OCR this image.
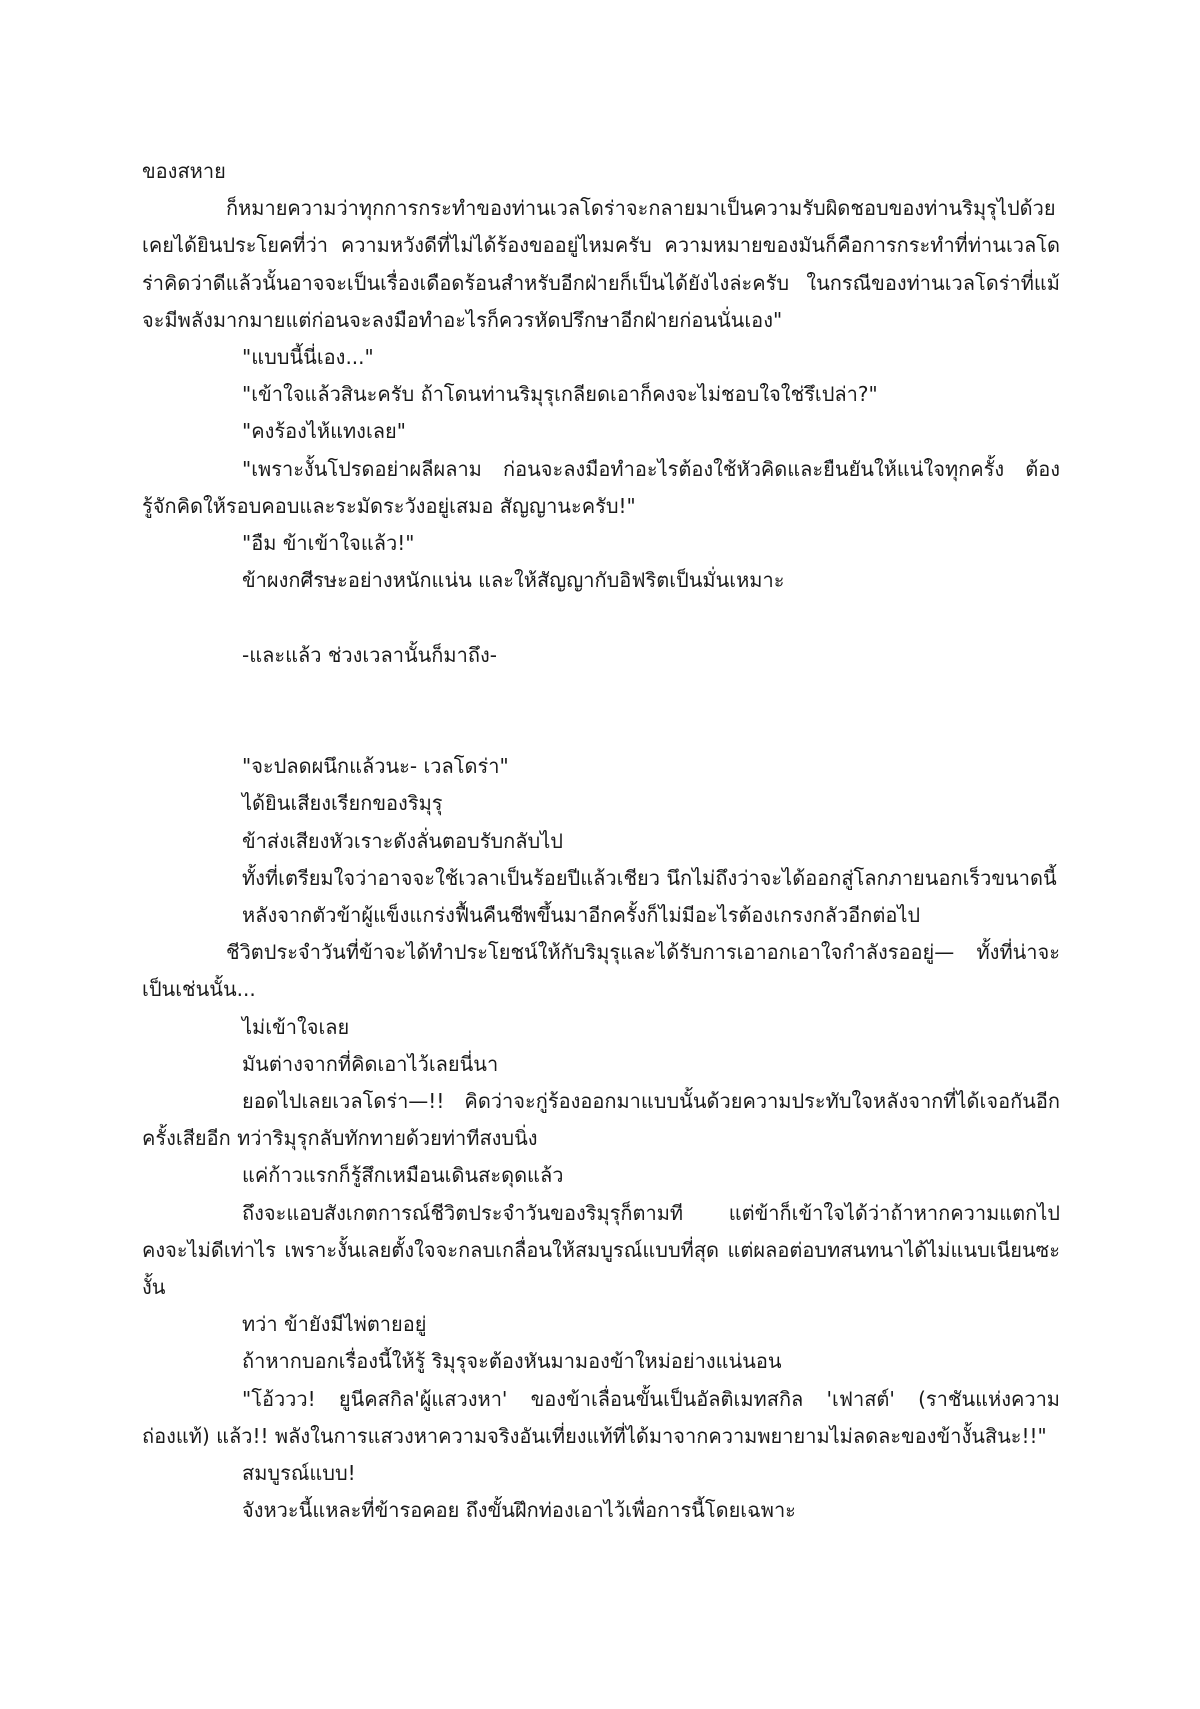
ของสหาย

ก็หมายความว่าทุกการกระทำของท่านเวลโดร่าจะกลายมาเป็นความรับผิดชอบของท่านริมุรุไปด้วย เคยได้ยินประโยคที่ว่า ความหวังดีที่ไม่ได้ร้องขออยู่ไหมครับ ความหมายของมันก็คือการกระทำที่ท่านเวลโดร่าคิดว่าดีแล้วนั้นอาจจะเป็นเรื่องเดือดร้อนสำหรับอีกฝ่ายก็เป็นได้ยังไงล่ะครับ  ในกรณีของท่านเวลโดร่าที่แม้จะมีพลังมากมายแต่ก่อนจะลงมือทำอะไรก็ควรหัดปรึกษาอีกฝ่ายก่อนนั่นเอง"

"แบบนี้นี่เอง..."

"เข้าใจแล้วสินะครับ ถ้าโดนท่านริมุรุเกลียดเอาก็คงจะไม่ชอบใจใช่รึเปล่า?"

"คงร้องไห้แทงเลย"

"เพราะงั้นโปรดอย่าผลีผลาม ก่อนจะลงมือทำอะไรต้องใช้หัวคิดและยืนยันให้แน่ใจทุกครั้ง ต้องรู้จักคิดให้รอบคอบและระมัดระวังอยู่เสมอ สัญญานะครับ!"

"อืม ข้าเข้าใจแล้ว!"

ข้าผงกศีรษะอย่างหนักแน่น และให้สัญญากับอิฟริตเป็นมั่นเหมาะ

-และแล้ว ช่วงเวลานั้นก็มาถึง-

"จะปลดผนึกแล้วนะ- เวลโดร่า"

ได้ยินเสียงเรียกของริมุรุ

ข้าส่งเสียงหัวเราะดังลั่นตอบรับกลับไป

ทั้งที่เตรียมใจว่าอาจจะใช้เวลาเป็นร้อยปีแล้วเชียว นึกไม่ถึงว่าจะได้ออกสู่โลกภายนอกเร็วขนาดนี้

หลังจากตัวข้าผู้แข็งแกร่งฟื้นคืนชีพขึ้นมาอีกครั้งก็ไม่มีอะไรต้องเกรงกลัวอีกต่อไป

ชีวิตประจำวันที่ข้าจะได้ทำประโยชน์ให้กับริมุรุและได้รับการเอาอกเอาใจกำลังรออยู่—  ทั้งที่น่าจะเป็นเช่นนั้น...

ไม่เข้าใจเลย

มันต่างจากที่คิดเอาไว้เลยนี่นา

ยอดไปเลยเวลโดร่า—!!  คิดว่าจะกู่ร้องออกมาแบบนั้นด้วยความประทับใจหลังจากที่ได้เจอกันอีกครั้งเสียอีก ทว่าริมุรุกลับทักทายด้วยท่าทีสงบนิ่ง

แค่ก้าวแรกก็รู้สึกเหมือนเดินสะดุดแล้ว

ถึงจะแอบสังเกตการณ์ชีวิตประจำวันของริมุรุก็ตามที   แต่ข้าก็เข้าใจได้ว่าถ้าหากความแตกไปคงจะไม่ดีเท่าไร เพราะงั้นเลยตั้งใจจะกลบเกลื่อนให้สมบูรณ์แบบที่สุด แต่ผลอต่อบทสนทนาได้ไม่แนบเนียนซะงั้น

ทว่า ข้ายังมีไพ่ตายอยู่

ถ้าหากบอกเรื่องนี้ให้รู้ ริมุรุจะต้องหันมามองข้าใหม่อย่างแน่นอน

"โอ้ววว! ยูนีคสกิล'ผู้แสวงหา' ของข้าเลื่อนขั้นเป็นอัลติเมทสกิล 'เฟาสต์' (ราชันแห่งความถ่องแท้) แล้ว!! พลังในการแสวงหาความจริงอันเที่ยงแท้ที่ได้มาจากความพยายามไม่ลดละของข้างั้นสินะ!!"

สมบูรณ์แบบ!

จังหวะนี้แหละที่ข้ารอคอย ถึงขั้นฝึกท่องเอาไว้เพื่อการนี้โดยเฉพาะ
